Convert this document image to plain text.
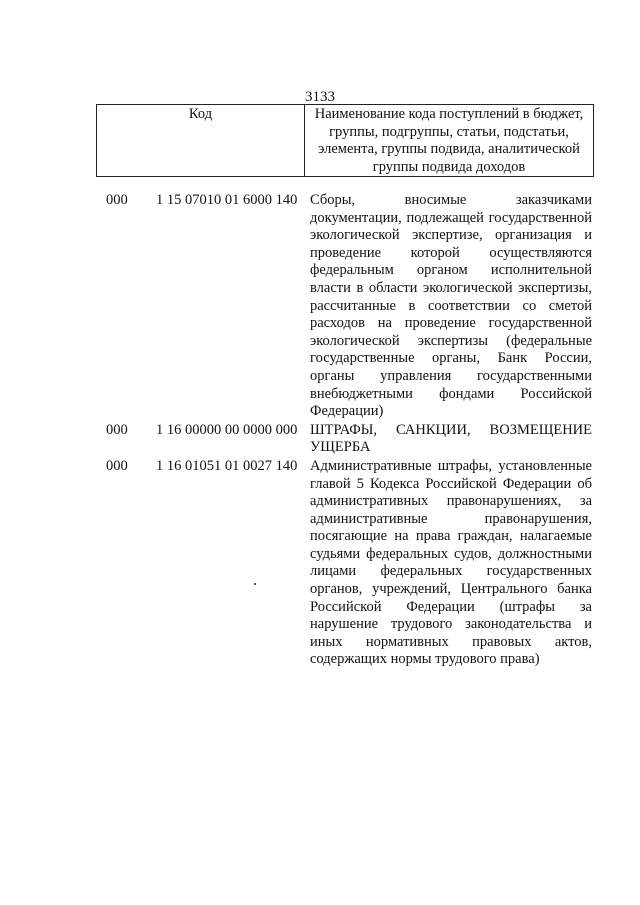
3133
Код	Наименование кода поступлений в бюджет, группы, подгруппы, статьи, подстатьи, элемента, группы подвида, аналитической группы подвида доходов
000	1 15 07010 01 6000 140	Сборы, вносимые заказчиками документации, подлежащей государственной экологической экспертизе, организация и проведение которой осуществляются федеральным органом исполнительной власти в области экологической экспертизы, рассчитанные в соответствии со сметой расходов на проведение государственной экологической экспертизы (федеральные государственные органы, Банк России, органы управления государственными внебюджетными фондами Российской Федерации)
000	1 16 00000 00 0000 000	ШТРАФЫ, САНКЦИИ, ВОЗМЕЩЕНИЕ УЩЕРБА
000	1 16 01051 01 0027 140	Административные штрафы, установленные главой 5 Кодекса Российской Федерации об административных правонарушениях, за административные правонарушения, посягающие на права граждан, налагаемые судьями федеральных судов, должностными лицами федеральных государственных органов, учреждений, Центрального банка Российской Федерации (штрафы за нарушение трудового законодательства и иных нормативных правовых актов, содержащих нормы трудового права)
